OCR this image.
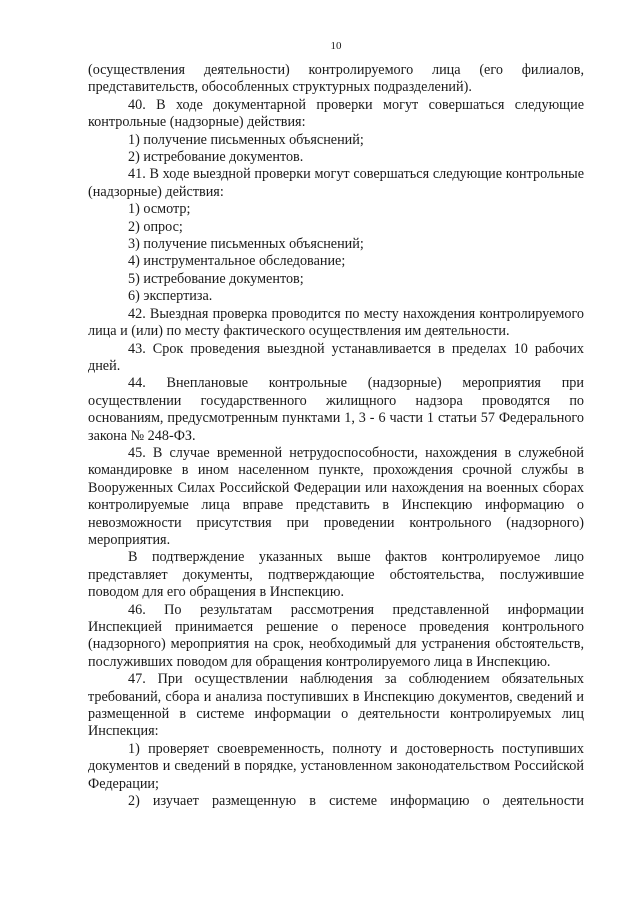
10

(осуществления деятельности) контролируемого лица (его филиалов, представительств, обособленных структурных подразделений).

40. В ходе документарной проверки могут совершаться следующие контрольные (надзорные) действия:

1) получение письменных объяснений;

2) истребование документов.

41. В ходе выездной проверки могут совершаться следующие контрольные (надзорные) действия:

1) осмотр;

2) опрос;

3) получение письменных объяснений;

4) инструментальное обследование;

5) истребование документов;

6) экспертиза.

42. Выездная проверка проводится по месту нахождения контролируемого лица и (или) по месту фактического осуществления им деятельности.

43. Срок проведения выездной устанавливается в пределах 10 рабочих дней.

44. Внеплановые контрольные (надзорные) мероприятия при осуществлении государственного жилищного надзора проводятся по основаниям, предусмотренным пунктами 1, 3 - 6 части 1 статьи 57 Федерального закона № 248-ФЗ.

45. В случае временной нетрудоспособности, нахождения в служебной командировке в ином населенном пункте, прохождения срочной службы в Вооруженных Силах Российской Федерации или нахождения на военных сборах контролируемые лица вправе представить в Инспекцию информацию о невозможности присутствия при проведении контрольного (надзорного) мероприятия.

В подтверждение указанных выше фактов контролируемое лицо представляет документы, подтверждающие обстоятельства, послужившие поводом для его обращения в Инспекцию.

46. По результатам рассмотрения представленной информации Инспекцией принимается решение о переносе проведения контрольного (надзорного) мероприятия на срок, необходимый для устранения обстоятельств, послуживших поводом для обращения контролируемого лица в Инспекцию.

47. При осуществлении наблюдения за соблюдением обязательных требований, сбора и анализа поступивших в Инспекцию документов, сведений и размещенной в системе информации о деятельности контролируемых лиц Инспекция:

1) проверяет своевременность, полноту и достоверность поступивших документов и сведений в порядке, установленном законодательством Российской Федерации;

2) изучает размещенную в системе информацию о деятельности
